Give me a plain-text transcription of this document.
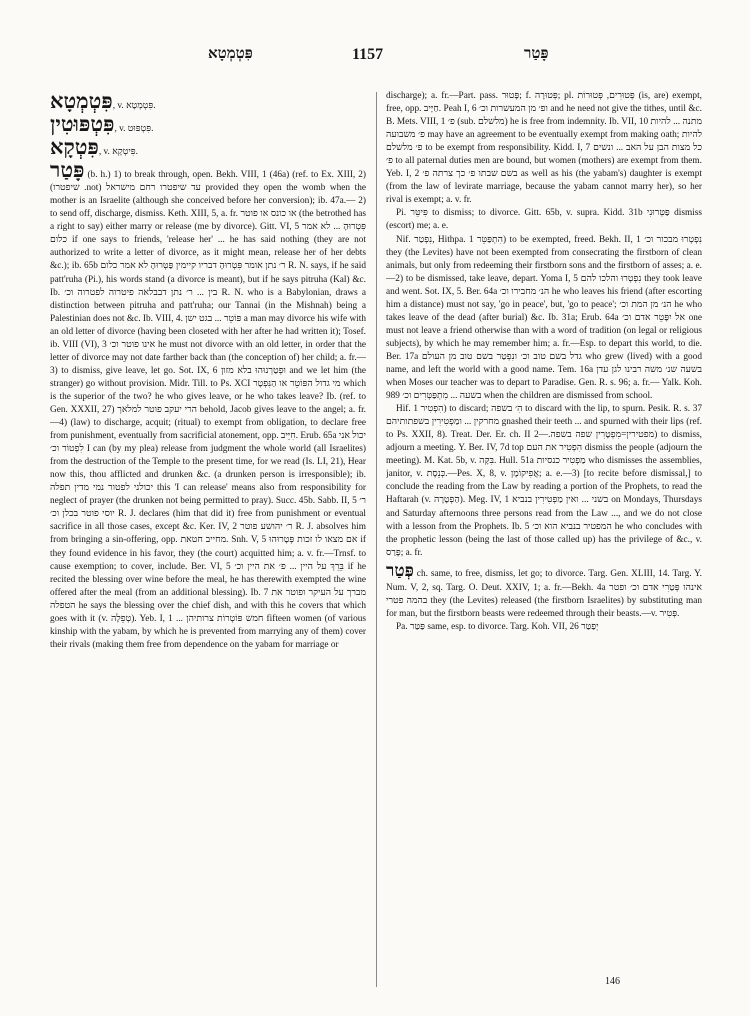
פִּטְמְטָא	1157	פָּטַר

פִּטְמְטָא, v. פִּטְמְטָא.

פִּטְפּוּטִין, v. פִּטְפּוּט.

פִּטְקָא, v. פִּיטְקָא.

פָּטַר (b. h.) 1) to break through, open. Bekh. VIII, 1 (46a) (ref. to Ex. XIII, 2) (שיפטרו .not) עד שיפטרו רחם מישראל provided they open the womb when the mother is an Israelite (although she conceived before her conversion); ib. 47a.— 2) to send off, discharge, dismiss. Keth. XIII, 5, a. fr. או כונס או פוטר (the betrothed has a right to say) either marry or release (me by divorce). Gitt. VI, 5 פִּטְרוּהָ ... לא אמר כלום if one says to friends, 'release her' ... he has said nothing (they are not authorized to write a letter of divorce, as it might mean, release her of her debts &c.); ib. 65b ר׳ נתן אומר פִּטְרוּהָ דבריו קיימין פַּטְּרוּהָ לא אמר כלום R. N. says, if he said patt'ruha (Pi.), his words stand (a divorce is meant), but if he says pitruha (Kal) &c. Ib. בין ... ר׳ נתן דבבלאה פיטרוה לפטרוה וכ׳ R. N. who is a Babylonian, draws a distinction between pitruha and patt'ruha; our Tannai (in the Mishnah) being a Palestinian does not &c. Ib. VIII, 4. פּוֹטֵר ... בגט ישן a man may divorce his wife with an old letter of divorce (having been closeted with her after he had written it); Tosef. ib. VIII (VI), 3 אינו פוטר וכ׳ he must not divorce with an old letter, in order that the letter of divorce may not date farther back than (the conception of) her child; a. fr.—3) to dismiss, give leave, let go. Sot. IX, 6 וּפְטַרְנוּהוּ בלא מזון and we let him (the stranger) go without provision. Midr. Till. to Ps. XCI מי גדול הפּוֹטֵר או הַנִּפְטָר which is the superior of the two? he who gives leave, or he who takes leave? Ib. (ref. to Gen. XXXII, 27) הרי יעקב פוטר למלאך behold, Jacob gives leave to the angel; a. fr.—4) (law) to discharge, acquit; (ritual) to exempt from obligation, to declare free from punishment, eventually from sacrificial atonement, opp. חִיֵּיב. Erub. 65a יכול אני לִפְטוֹר וכ׳ I can (by my plea) release from judgment the whole world (all Israelites) from the destruction of the Temple to the present time, for we read (Is. LI, 21), Hear now this, thou afflicted and drunken &c. (a drunken person is irresponsible); ib. יכולני לפטור נמי מדין תפלה this 'I can release' means also from responsibility for neglect of prayer (the drunken not being permitted to pray). Succ. 45b. Sabb. II, 5 ר׳ יוסי פוטר בכלן וכ׳ R. J. declares (him that did it) free from punishment or eventual sacrifice in all those cases, except &c. Ker. IV, 2 ר׳ יהושע פוטר R. J. absolves him from bringing a sin-offering, opp. מחייב חטאת. Snh. V, 5 אם מצאו לו זכות פְּטָרוּהוּ if they found evidence in his favor, they (the court) acquitted him; a. v. fr.—Trnsf. to cause exemption; to cover, include. Ber. VI, 5 בֵּרֵךְ על היין ... פ׳ את היין וכ׳ if he recited the blessing over wine before the meal, he has therewith exempted the wine offered after the meal (from an additional blessing). Ib. 7 מברך על העיקר ופוטר את הטפלה he says the blessing over the chief dish, and with this he covers that which goes with it (v. טְפֵלָה). Yeb. I, 1 ... חמש פּוֹטְרוֹת צרותיהן fifteen women (of various kinship with the yabam, by which he is prevented from marrying any of them) cover their rivals (making them free from dependence on the yabam for marriage or

discharge); a. fr.—Part. pass. פָּטוּר; f. פְּטוּרָה; pl. פְּטוּרִים, פְּטוּרוֹת (is, are) exempt, free, opp. חַיָּיב. Peah I, 6 ופ׳ מן המעשרות וכ׳ and he need not give the tithes, until &c. B. Mets. VIII, 1 פ׳ (sub. מלשלם) he is free from indemnity. Ib. VII, 10 מתנה ... להיות פ׳ משבועה may have an agreement to be eventually exempt from making oath; להיות פ׳ מלשלם to be exempt from responsibility. Kidd. I, 7 כל מצות הבן על האב ... ונשים פ׳ to all paternal duties men are bound, but women (mothers) are exempt from them. Yeb. I, 2 בשם שבתו פ׳ כך צרתה פ׳ as well as his (the yabam's) daughter is exempt (from the law of levirate marriage, because the yabam cannot marry her), so her rival is exempt; a. v. fr.

Pi. פִּיטֵּר to dismiss; to divorce. Gitt. 65b, v. supra. Kidd. 31b פַּטְּרוּנִי dismiss (escort) me; a. e.

Nif. נִפְטַר, Hithpa. הִתְפַּטֵּר 1) to be exempted, freed. Bekh. II, 1 נִפְטְרוּ מבכור וכ׳ they (the Levites) have not been exempted from consecrating the firstborn of clean animals, but only from redeeming their firstborn sons and the firstborn of asses; a. e.—2) to be dismissed, take leave, depart. Yoma I, 5 נִפְטְרוּ והלכו להם they took leave and went. Sot. IX, 5. Ber. 64a הנ׳ מחבירו וכ׳ he who leaves his friend (after escorting him a distance) must not say, 'go in peace', but, 'go to peace'; הנ׳ מן המת וכ׳ he who takes leave of the dead (after burial) &c. Ib. 31a; Erub. 64a אל יִפָּטֵר אדם וכ׳ one must not leave a friend otherwise than with a word of tradition (on legal or religious subjects), by which he may remember him; a. fr.—Esp. to depart this world, to die. Ber. 17a גדל בשם טוב וכ׳ ונִפְטַר בשם טוב מן העולם who grew (lived) with a good name, and left the world with a good name. Tem. 16a בשעה שנ׳ משה רבינו לגן עדן when Moses our teacher was to depart to Paradise. Gen. R. s. 96; a. fr.— Yalk. Koh. 989 בשעה ... מִתְפַּטְּרִים וכ׳ when the children are dismissed from school.

Hif. הִפְטִיר 1) to discard; הִ׳ בשפה to discard with the lip, to spurn. Pesik. R. s. 37 מחרקין ... ומַפְטִירִין בשפתותיהם gnashed their teeth ... and spurned with their lips (ref. to Ps. XXII, 8). Treat. Der. Er. ch. II מפטירין=מִפְטָרִין שפה בשפה.—2) to dismiss, adjourn a meeting. Y. Ber. IV, 7d top הִפְטִיר את העם dismiss the people (adjourn the meeting). M. Kat. 5b, v. בִּקָּה. Hull. 51a מַפְטִיר כנסיות who dismisses the assemblies, janitor, v. כְּנֵסֶת.—Pes. X, 8, v. אֲפִיקוֹמָן; a. e.—3) [to recite before dismissal,] to conclude the reading from the Law by reading a portion of the Prophets, to read the Haftarah (v. הַפְטָרָה). Meg. IV, 1 בשני ... ואין מַפְטִירִין בנביא on Mondays, Thursdays and Saturday afternoons three persons read from the Law ..., and we do not close with a lesson from the Prophets. Ib. 5 המפטיר בנביא הוא וכ׳ he who concludes with the prophetic lesson (being the last of those called up) has the privilege of &c., v. פָּרַס; a. fr.

פְּטַר ch. same, to free, dismiss, let go; to divorce. Targ. Gen. XLIII, 14. Targ. Y. Num. V, 2, sq. Targ. O. Deut. XXIV, 1; a. fr.—Bekh. 4a אינהו פְּטַרִי אדם וכ׳ ופטר בהמה פטרי they (the Levites) released (the firstborn Israelites) by substituting man for man, but the firstborn beasts were redeemed through their beasts.—v. פְּטִיר.

Pa. פַּטַּר same, esp. to divorce. Targ. Koh. VII, 26 יְפַטַּר

146
